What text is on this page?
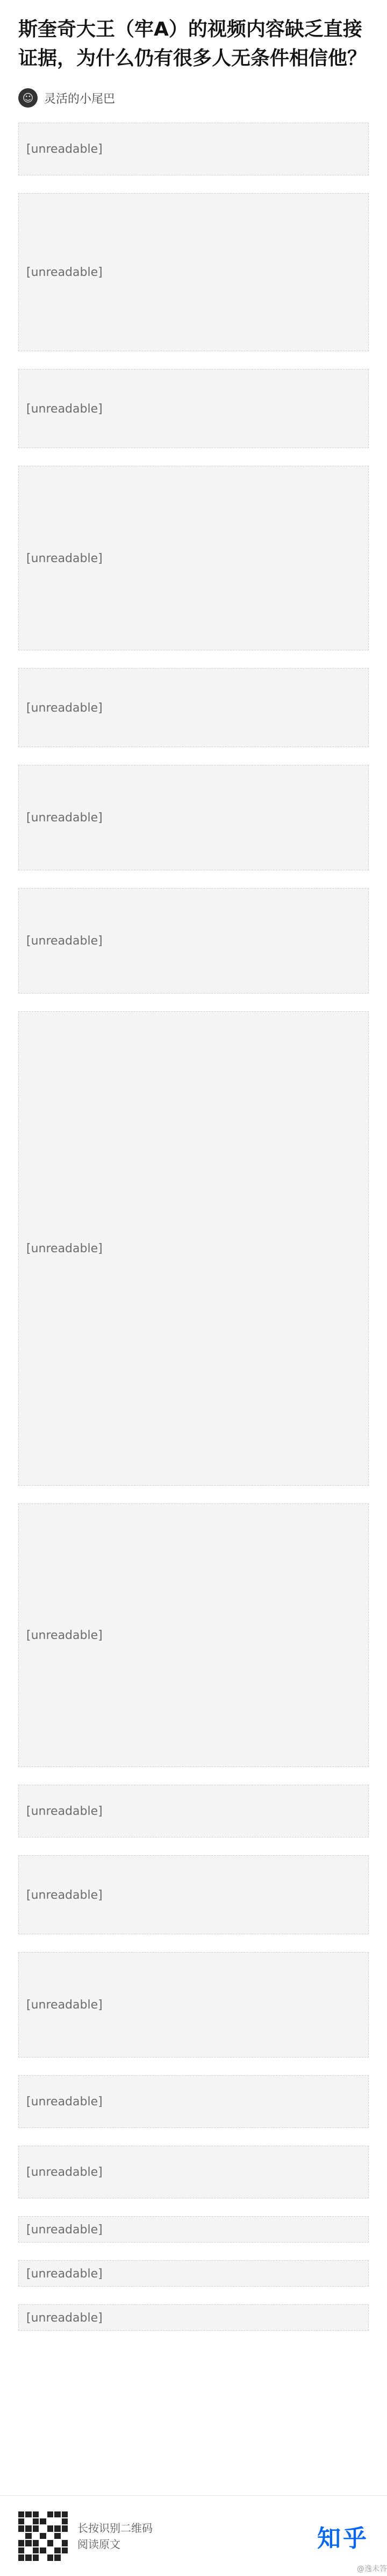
斯奎奇大王（牢A）的视频内容缺乏直接证据，为什么仍有很多人无条件相信他？
☺ 灵活的小尾巴

[unreadable]

[unreadable]

[unreadable]

[unreadable]

[unreadable]

[unreadable]

[unreadable]

[unreadable]

[unreadable]

[unreadable]

[unreadable]

[unreadable]

[unreadable]

[unreadable]

[unreadable]

[unreadable]

[unreadable]

长按识别二维码
阅读原文	知乎
@逸未答
